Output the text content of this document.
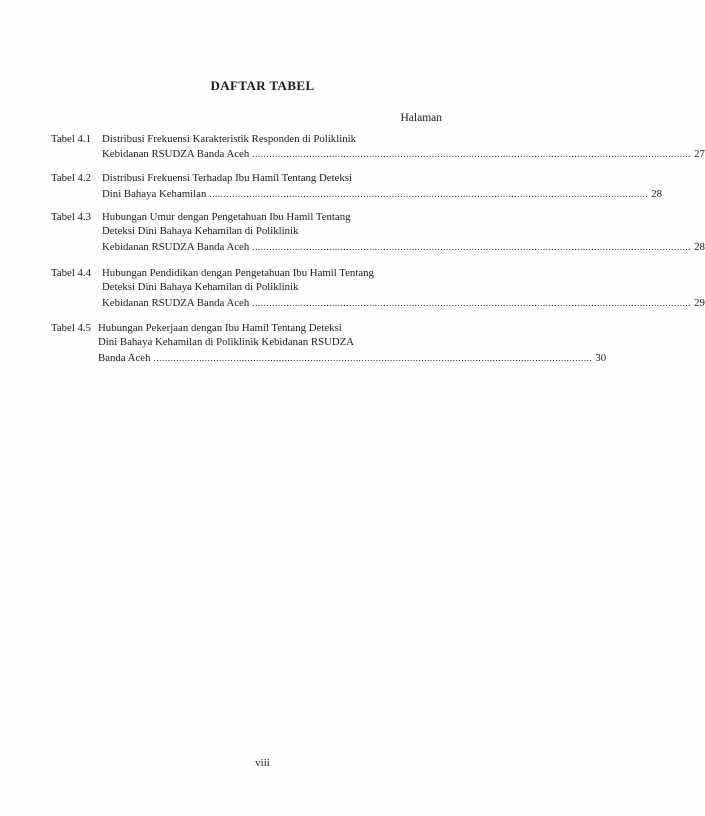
DAFTAR TABEL
Halaman
Tabel 4.1 Distribusi Frekuensi Karakteristik Responden di Poliklinik
Kebidanan RSUDZA Banda Aceh .......................................................................................................................................................... 27
Tabel 4.2 Distribusi Frekuensi Terhadap Ibu Hamil Tentang Deteksi
Dini Bahaya Kehamilan .......................................................................................................................................................... 28
Tabel 4.3 Hubungan Umur dengan Pengetahuan Ibu Hamil Tentang
Deteksi Dini Bahaya Kehamilan di Poliklinik
Kebidanan RSUDZA Banda Aceh .......................................................................................................................................................... 28
Tabel 4.4 Hubungan Pendidikan dengan Pengetahuan Ibu Hamil Tentang
Deteksi Dini Bahaya Kehamilan di Poliklinik
Kebidanan RSUDZA Banda Aceh .......................................................................................................................................................... 29
Tabel 4.5 Hubungan Pekerjaan dengan Ibu Hamil Tentang Deteksi
Dini Bahaya Kehamilan di Poliklinik Kebidanan RSUDZA
Banda Aceh .......................................................................................................................................................... 30
viii
